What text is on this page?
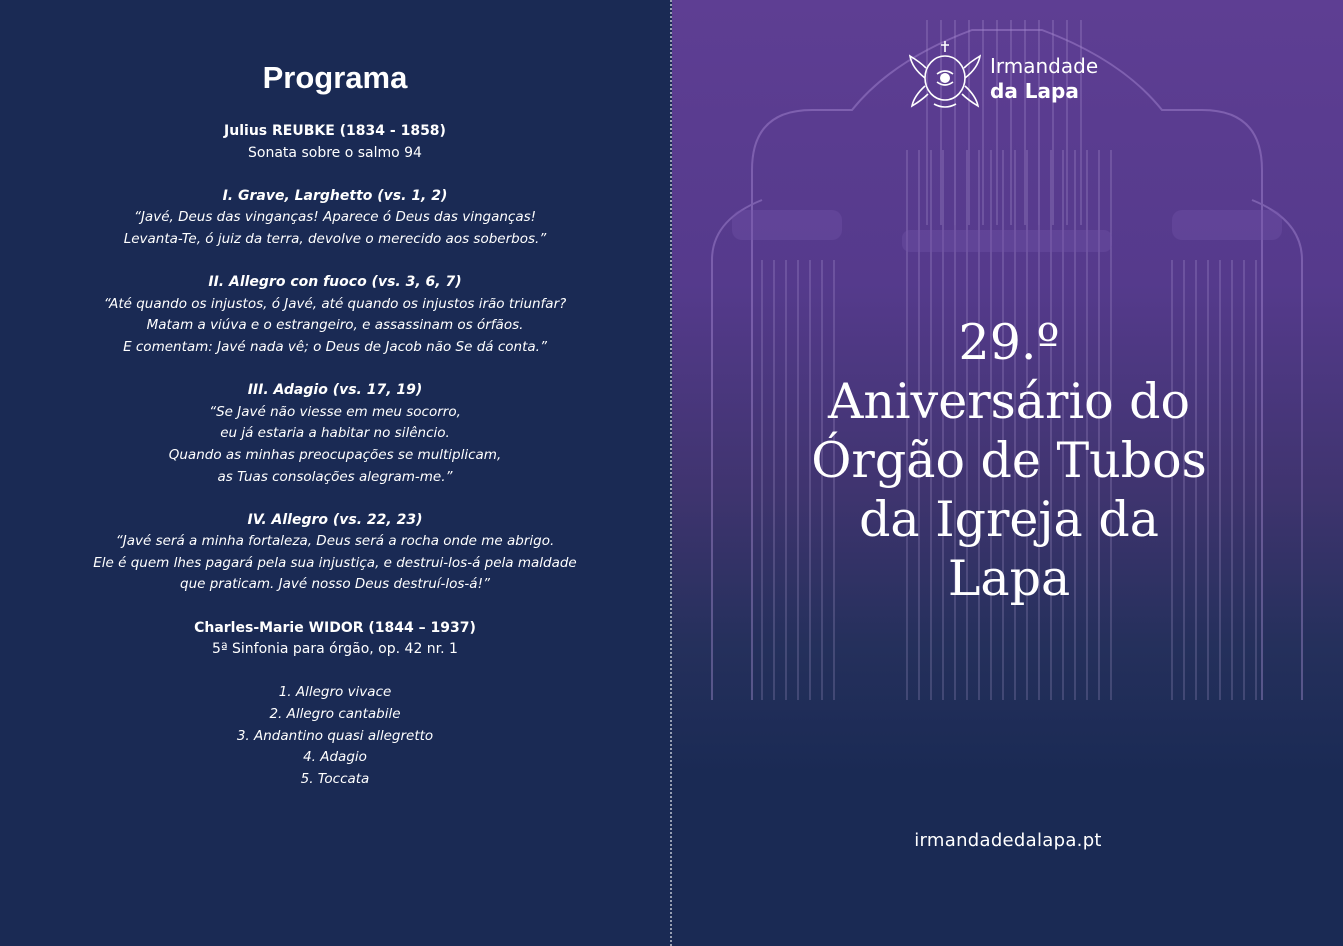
Programa
Julius REUBKE (1834 - 1858)
Sonata sobre o salmo 94
I. Grave, Larghetto (vs. 1, 2)
“Javé, Deus das vinganças! Aparece ó Deus das vinganças!
Levanta-Te, ó juiz da terra, devolve o merecido aos soberbos.”
II. Allegro con fuoco (vs. 3, 6, 7)
“Até quando os injustos, ó Javé, até quando os injustos irão triunfar?
Matam a viúva e o estrangeiro, e assassinam os órfãos.
E comentam: Javé nada vê; o Deus de Jacob não Se dá conta.”
III. Adagio (vs. 17, 19)
“Se Javé não viesse em meu socorro,
eu já estaria a habitar no silêncio.
Quando as minhas preocupações se multiplicam,
as Tuas consolações alegram-me.”
IV. Allegro (vs. 22, 23)
“Javé será a minha fortaleza, Deus será a rocha onde me abrigo.
Ele é quem lhes pagará pela sua injustiça, e destrui-los-á pela maldade
que praticam. Javé nosso Deus destruí-los-á!”
Charles-Marie WIDOR (1844 – 1937)
5ª Sinfonia para órgão, op. 42 nr. 1
1. Allegro vivace
2. Allegro cantabile
3. Andantino quasi allegretto
4. Adagio
5. Toccata
Irmandade
da Lapa
29.º
Aniversário do
Órgão de Tubos
da Igreja da
Lapa
irmandadedalapa.pt
